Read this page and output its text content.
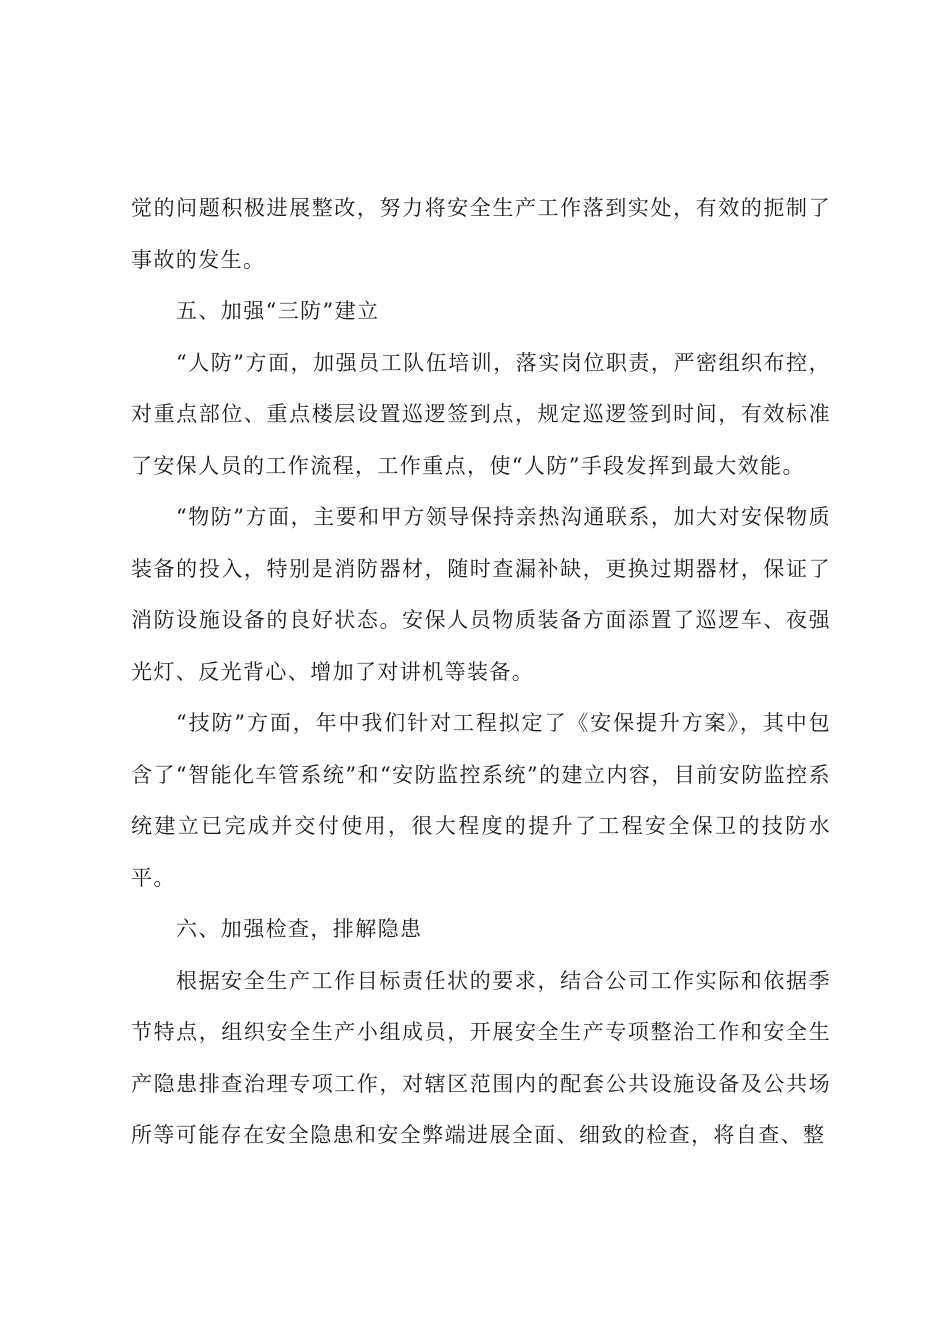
觉的问题积极进展整改，努力将安全生产工作落到实处，有效的扼制了事故的发生。

五、加强“三防”建立

“人防”方面，加强员工队伍培训，落实岗位职责，严密组织布控，对重点部位、重点楼层设置巡逻签到点，规定巡逻签到时间，有效标准了安保人员的工作流程，工作重点，使“人防”手段发挥到最大效能。

“物防”方面，主要和甲方领导保持亲热沟通联系，加大对安保物质装备的投入，特别是消防器材，随时查漏补缺，更换过期器材，保证了消防设施设备的良好状态。安保人员物质装备方面添置了巡逻车、夜强光灯、反光背心、增加了对讲机等装备。

“技防”方面，年中我们针对工程拟定了《安保提升方案》，其中包含了“智能化车管系统”和“安防监控系统”的建立内容，目前安防监控系统建立已完成并交付使用，很大程度的提升了工程安全保卫的技防水平。

六、加强检查，排解隐患

根据安全生产工作目标责任状的要求，结合公司工作实际和依据季节特点，组织安全生产小组成员，开展安全生产专项整治工作和安全生产隐患排查治理专项工作，对辖区范围内的配套公共设施设备及公共场所等可能存在安全隐患和安全弊端进展全面、细致的检查，将自查、整
